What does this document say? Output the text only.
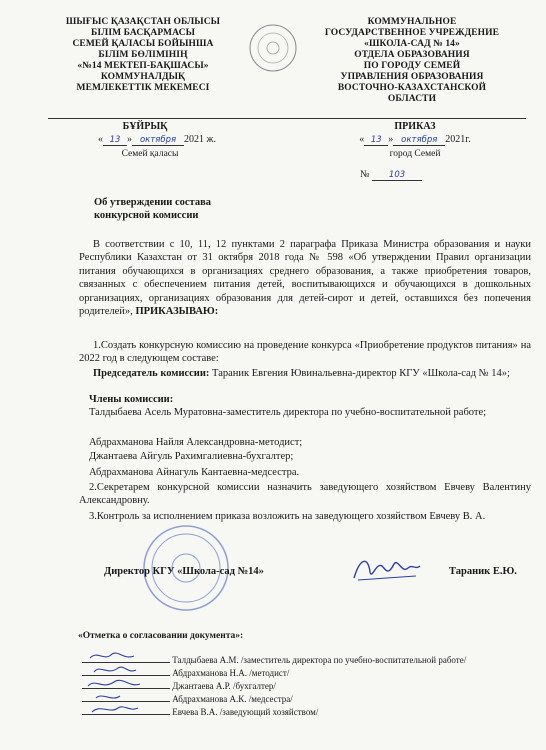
ШЫҒЫС ҚАЗАҚСТАН ОБЛЫСЫ
БІЛІМ БАСҚАРМАСЫ
СЕМЕЙ ҚАЛАСЫ БОЙЫНША
БІЛІМ БӨЛІМІНІҢ
«№14 МЕКТЕП-БАҚШАСЫ»
КОММУНАЛДЫҚ
МЕМЛЕКЕТТІК МЕКЕМЕСІ
КОММУНАЛЬНОЕ
ГОСУДАРСТВЕННОЕ УЧРЕЖДЕНИЕ
«ШКОЛА-САД № 14»
ОТДЕЛА ОБРАЗОВАНИЯ
ПО ГОРОДУ СЕМЕЙ
УПРАВЛЕНИЯ ОБРАЗОВАНИЯ
ВОСТОЧНО-КАЗАХСТАНСКОЙ
ОБЛАСТИ
БҰЙРЫҚ
« 13 » октября 2021 ж.
Семей қаласы
ПРИКАЗ
« 13 » октября 2021г.
город Семей
№ 103
Об утверждении состава
конкурсной комиссии
В соответствии с 10, 11, 12 пунктами 2 параграфа Приказа Министра образования и науки Республики Казахстан от 31 октября 2018 года № 598 «Об утверждении Правил организации питания обучающихся в организациях среднего образования, а также приобретения товаров, связанных с обеспечением питания детей, воспитывающихся и обучающихся в дошкольных организациях, организациях образования для детей-сирот и детей, оставшихся без попечения родителей», ПРИКАЗЫВАЮ:
1.Создать конкурсную комиссию на проведение конкурса «Приобретение продуктов питания» на 2022 год в следующем составе:
Председатель комиссии: Тараник Евгения Ювинальевна-директор КГУ «Школа-сад № 14»;
Члены комиссии:
Талдыбаева Асель Муратовна-заместитель директора по учебно-воспитательной работе;
Абдрахманова Найля Александровна-методист;
Джантаева Айгуль Рахимгалиевна-бухгалтер;
Абдрахманова Айнагуль Кантаевна-медсестра.
2.Секретарем конкурсной комиссии назначить заведующего хозяйством Евчеву Валентину Александровну.
3.Контроль за исполнением приказа возложить на заведующего хозяйством Евчеву В. А.
Директор КГУ «Школа-сад №14»	Тараник Е.Ю.
«Отметка о согласовании документа»:
Талдыбаева А.М. /заместитель директора по учебно-воспитательной работе/
Абдрахманова Н.А. /методист/
Джантаева А.Р. /бухгалтер/
Абдрахманова А.К. /медсестра/
Евчева В.А. /заведующий хозяйством/
